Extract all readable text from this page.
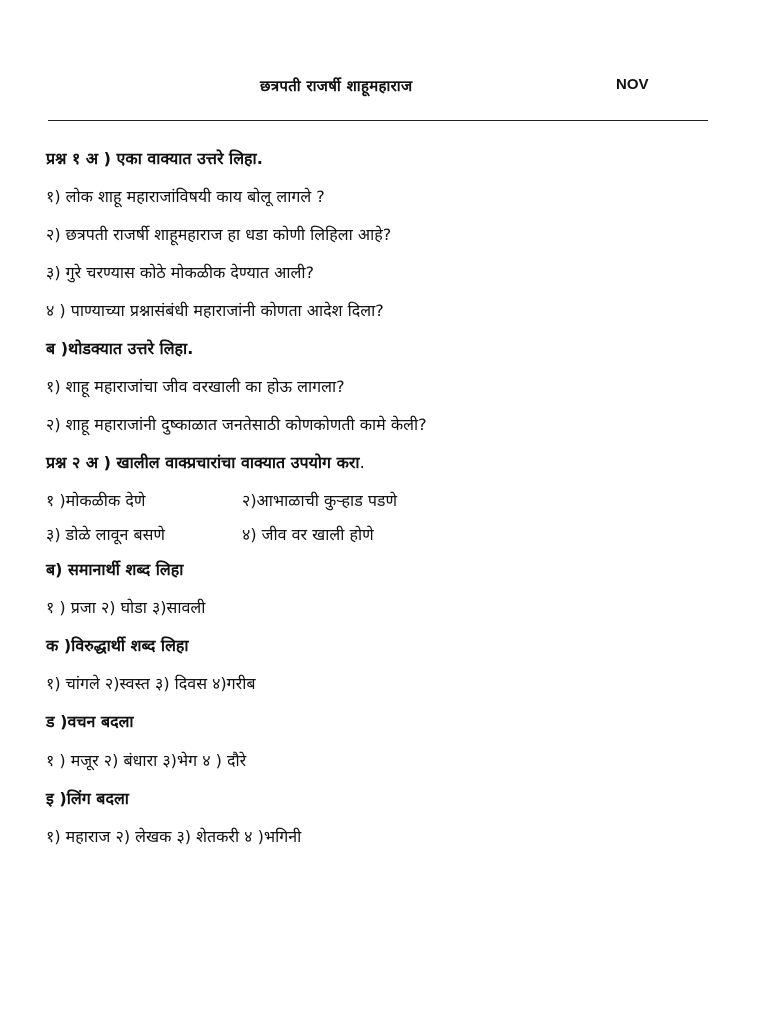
छत्रपती राजर्षी शाहूमहाराज	NOV
प्रश्न १ अ ) एका वाक्यात उत्तरे लिहा.
१) लोक शाहू महाराजांविषयी काय बोलू लागले ?
२) छत्रपती राजर्षी शाहूमहाराज हा धडा कोणी लिहिला आहे?
३) गुरे चरण्यास कोठे मोकळीक देण्यात आली?
४ ) पाण्याच्या प्रश्नासंबंधी महाराजांनी कोणता आदेश दिला?
ब )थोडक्यात उत्तरे लिहा.
१) शाहू महाराजांचा जीव वरखाली का होऊ लागला?
२) शाहू महाराजांनी दुष्काळात जनतेसाठी कोणकोणती कामे केली?
प्रश्न २ अ ) खालील वाक्प्रचारांचा वाक्यात उपयोग करा.
१ )मोकळीक देणे	२)आभाळाची कुऱ्हाड पडणे
३) डोळे लावून बसणे	४) जीव वर खाली होणे
ब) समानार्थी शब्द लिहा
१ ) प्रजा २) घोडा ३)सावली
क )विरुद्धार्थी शब्द लिहा
१) चांगले २)स्वस्त ३) दिवस ४)गरीब
ड )वचन बदला
१ ) मजूर २) बंधारा ३)भेग ४ ) दौरे
इ )लिंग बदला
१) महाराज २) लेखक ३) शेतकरी ४ )भगिनी
